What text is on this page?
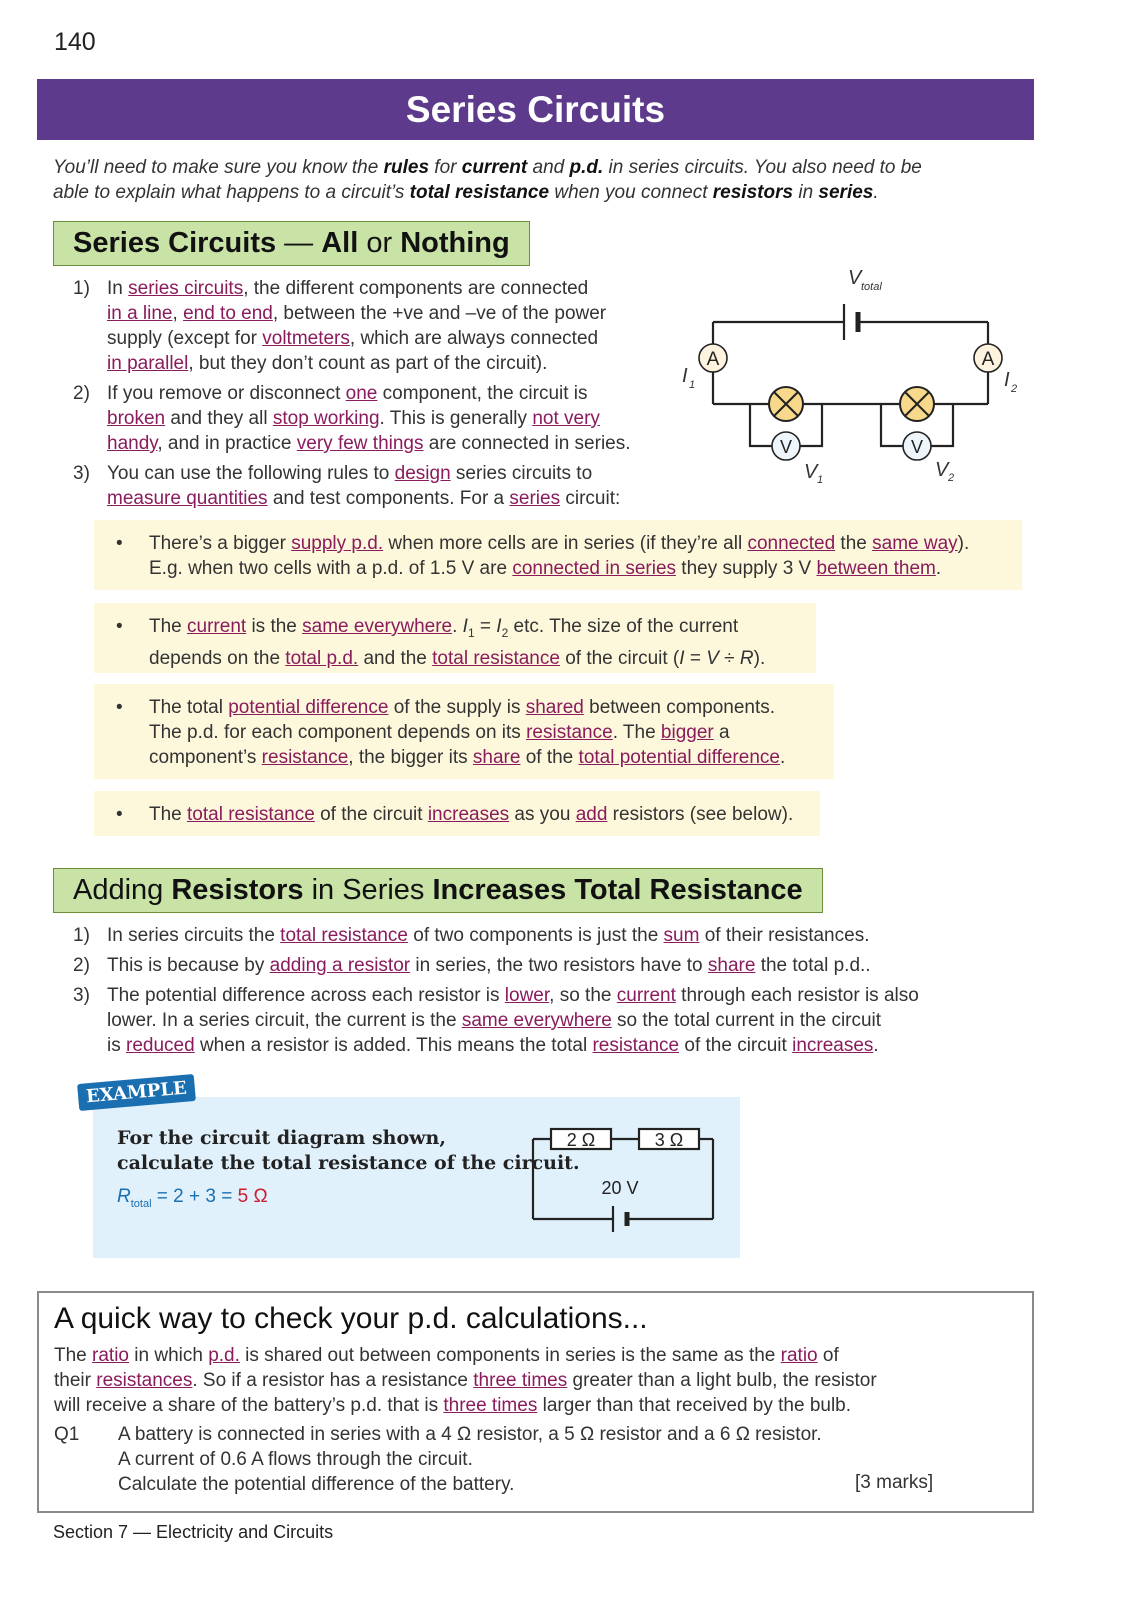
140
Series Circuits
You’ll need to make sure you know the rules for current and p.d. in series circuits. You also need to be
able to explain what happens to a circuit’s total resistance when you connect resistors in series.
Series Circuits — All or Nothing
1) In series circuits, the different components are connected
in a line, end to end, between the +ve and –ve of the power
supply (except for voltmeters, which are always connected
in parallel, but they don’t count as part of the circuit).
2) If you remove or disconnect one component, the circuit is
broken and they all stop working. This is generally not very
handy, and in practice very few things are connected in series.
3) You can use the following rules to design series circuits to
measure quantities and test components. For a series circuit:
A	A
V	V
V total
I 1	I 2
V 1	V 2
•	There’s a bigger supply p.d. when more cells are in series (if they’re all connected the same way).
E.g. when two cells with a p.d. of 1.5 V are connected in series they supply 3 V between them.
•	The current is the same everywhere. $I_1 = I_2$ etc. The size of the current
depends on the total p.d. and the total resistance of the circuit (I = V ÷ R).
•	The total potential difference of the supply is shared between components.
The p.d. for each component depends on its resistance. The bigger a
component’s resistance, the bigger its share of the total potential difference.
•	The total resistance of the circuit increases as you add resistors (see below).
Adding Resistors in Series Increases Total Resistance
1) In series circuits the total resistance of two components is just the sum of their resistances.
2) This is because by adding a resistor in series, the two resistors have to share the total p.d..
3) The potential difference across each resistor is lower, so the current through each resistor is also
lower. In a series circuit, the current is the same everywhere so the total current in the circuit
is reduced when a resistor is added. This means the total resistance of the circuit increases.
EXAMPLE
For the circuit diagram shown,
calculate the total resistance of the circuit.
$R_{total} = 2 + 3 = 5$ Ω
2 Ω	3 Ω
20 V
A quick way to check your p.d. calculations...
The ratio in which p.d. is shared out between components in series is the same as the ratio of
their resistances. So if a resistor has a resistance three times greater than a light bulb, the resistor
will receive a share of the battery’s p.d. that is three times larger than that received by the bulb.
Q1	A battery is connected in series with a 4 Ω resistor, a 5 Ω resistor and a 6 Ω resistor.
A current of 0.6 A flows through the circuit.
Calculate the potential difference of the battery.	[3 marks]
Section 7 — Electricity and Circuits
